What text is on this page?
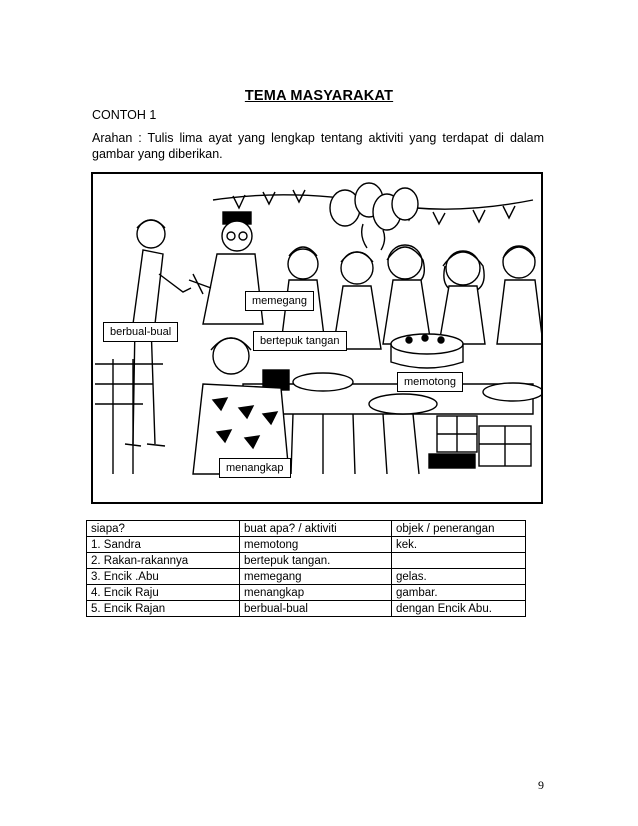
TEMA MASYARAKAT
CONTOH 1
Arahan : Tulis lima ayat yang lengkap tentang aktiviti yang terdapat di dalam gambar yang diberikan.
memegang
berbual-bual
bertepuk tangan
memotong
menangkap
siapa?	buat apa? / aktiviti	objek / penerangan
1. Sandra	memotong	kek.
2. Rakan-rakannya	bertepuk tangan.	
3. Encik .Abu	memegang	gelas.
4. Encik Raju	menangkap	gambar.
5. Encik Rajan	berbual-bual	dengan Encik Abu.
9
